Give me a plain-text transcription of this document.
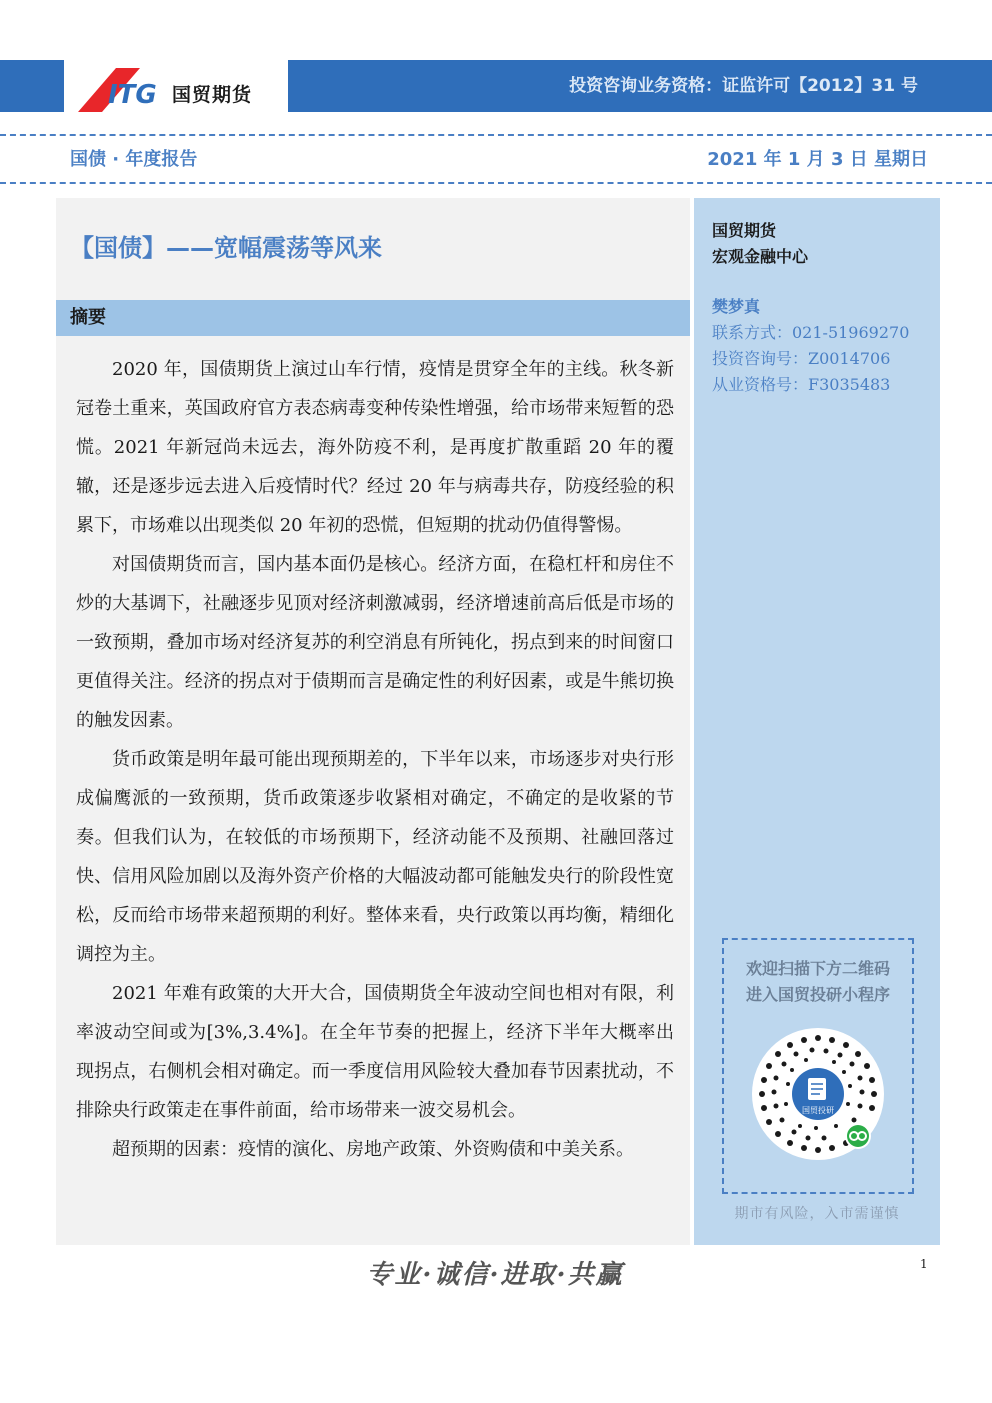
ITG 国贸期货	投资咨询业务资格：证监许可【2012】31 号
国债 · 年度报告	2021 年 1 月 3 日 星期日
【国债】——宽幅震荡等风来
摘要

2020 年，国债期货上演过山车行情，疫情是贯穿全年的主线。秋冬新冠卷土重来，英国政府官方表态病毒变种传染性增强，给市场带来短暂的恐慌。2021 年新冠尚未远去，海外防疫不利，是再度扩散重蹈 20 年的覆辙，还是逐步远去进入后疫情时代？经过 20 年与病毒共存，防疫经验的积累下，市场难以出现类似 20 年初的恐慌，但短期的扰动仍值得警惕。

对国债期货而言，国内基本面仍是核心。经济方面，在稳杠杆和房住不炒的大基调下，社融逐步见顶对经济刺激减弱，经济增速前高后低是市场的一致预期，叠加市场对经济复苏的利空消息有所钝化，拐点到来的时间窗口更值得关注。经济的拐点对于债期而言是确定性的利好因素，或是牛熊切换的触发因素。

货币政策是明年最可能出现预期差的，下半年以来，市场逐步对央行形成偏鹰派的一致预期，货币政策逐步收紧相对确定，不确定的是收紧的节奏。但我们认为，在较低的市场预期下，经济动能不及预期、社融回落过快、信用风险加剧以及海外资产价格的大幅波动都可能触发央行的阶段性宽松，反而给市场带来超预期的利好。整体来看，央行政策以再均衡，精细化调控为主。

2021 年难有政策的大开大合，国债期货全年波动空间也相对有限，利率波动空间或为[3%,3.4%]。在全年节奏的把握上，经济下半年大概率出现拐点，右侧机会相对确定。而一季度信用风险较大叠加春节因素扰动，不排除央行政策走在事件前面，给市场带来一波交易机会。

超预期的因素：疫情的演化、房地产政策、外资购债和中美关系。

国贸期货
宏观金融中心
樊梦真
联系方式：021-51969270
投资咨询号：Z0014706
从业资格号：F3035483
欢迎扫描下方二维码
进入国贸投研小程序
国贸投研
期市有风险，入市需谨慎
专业·诚信·进取·共赢	1
